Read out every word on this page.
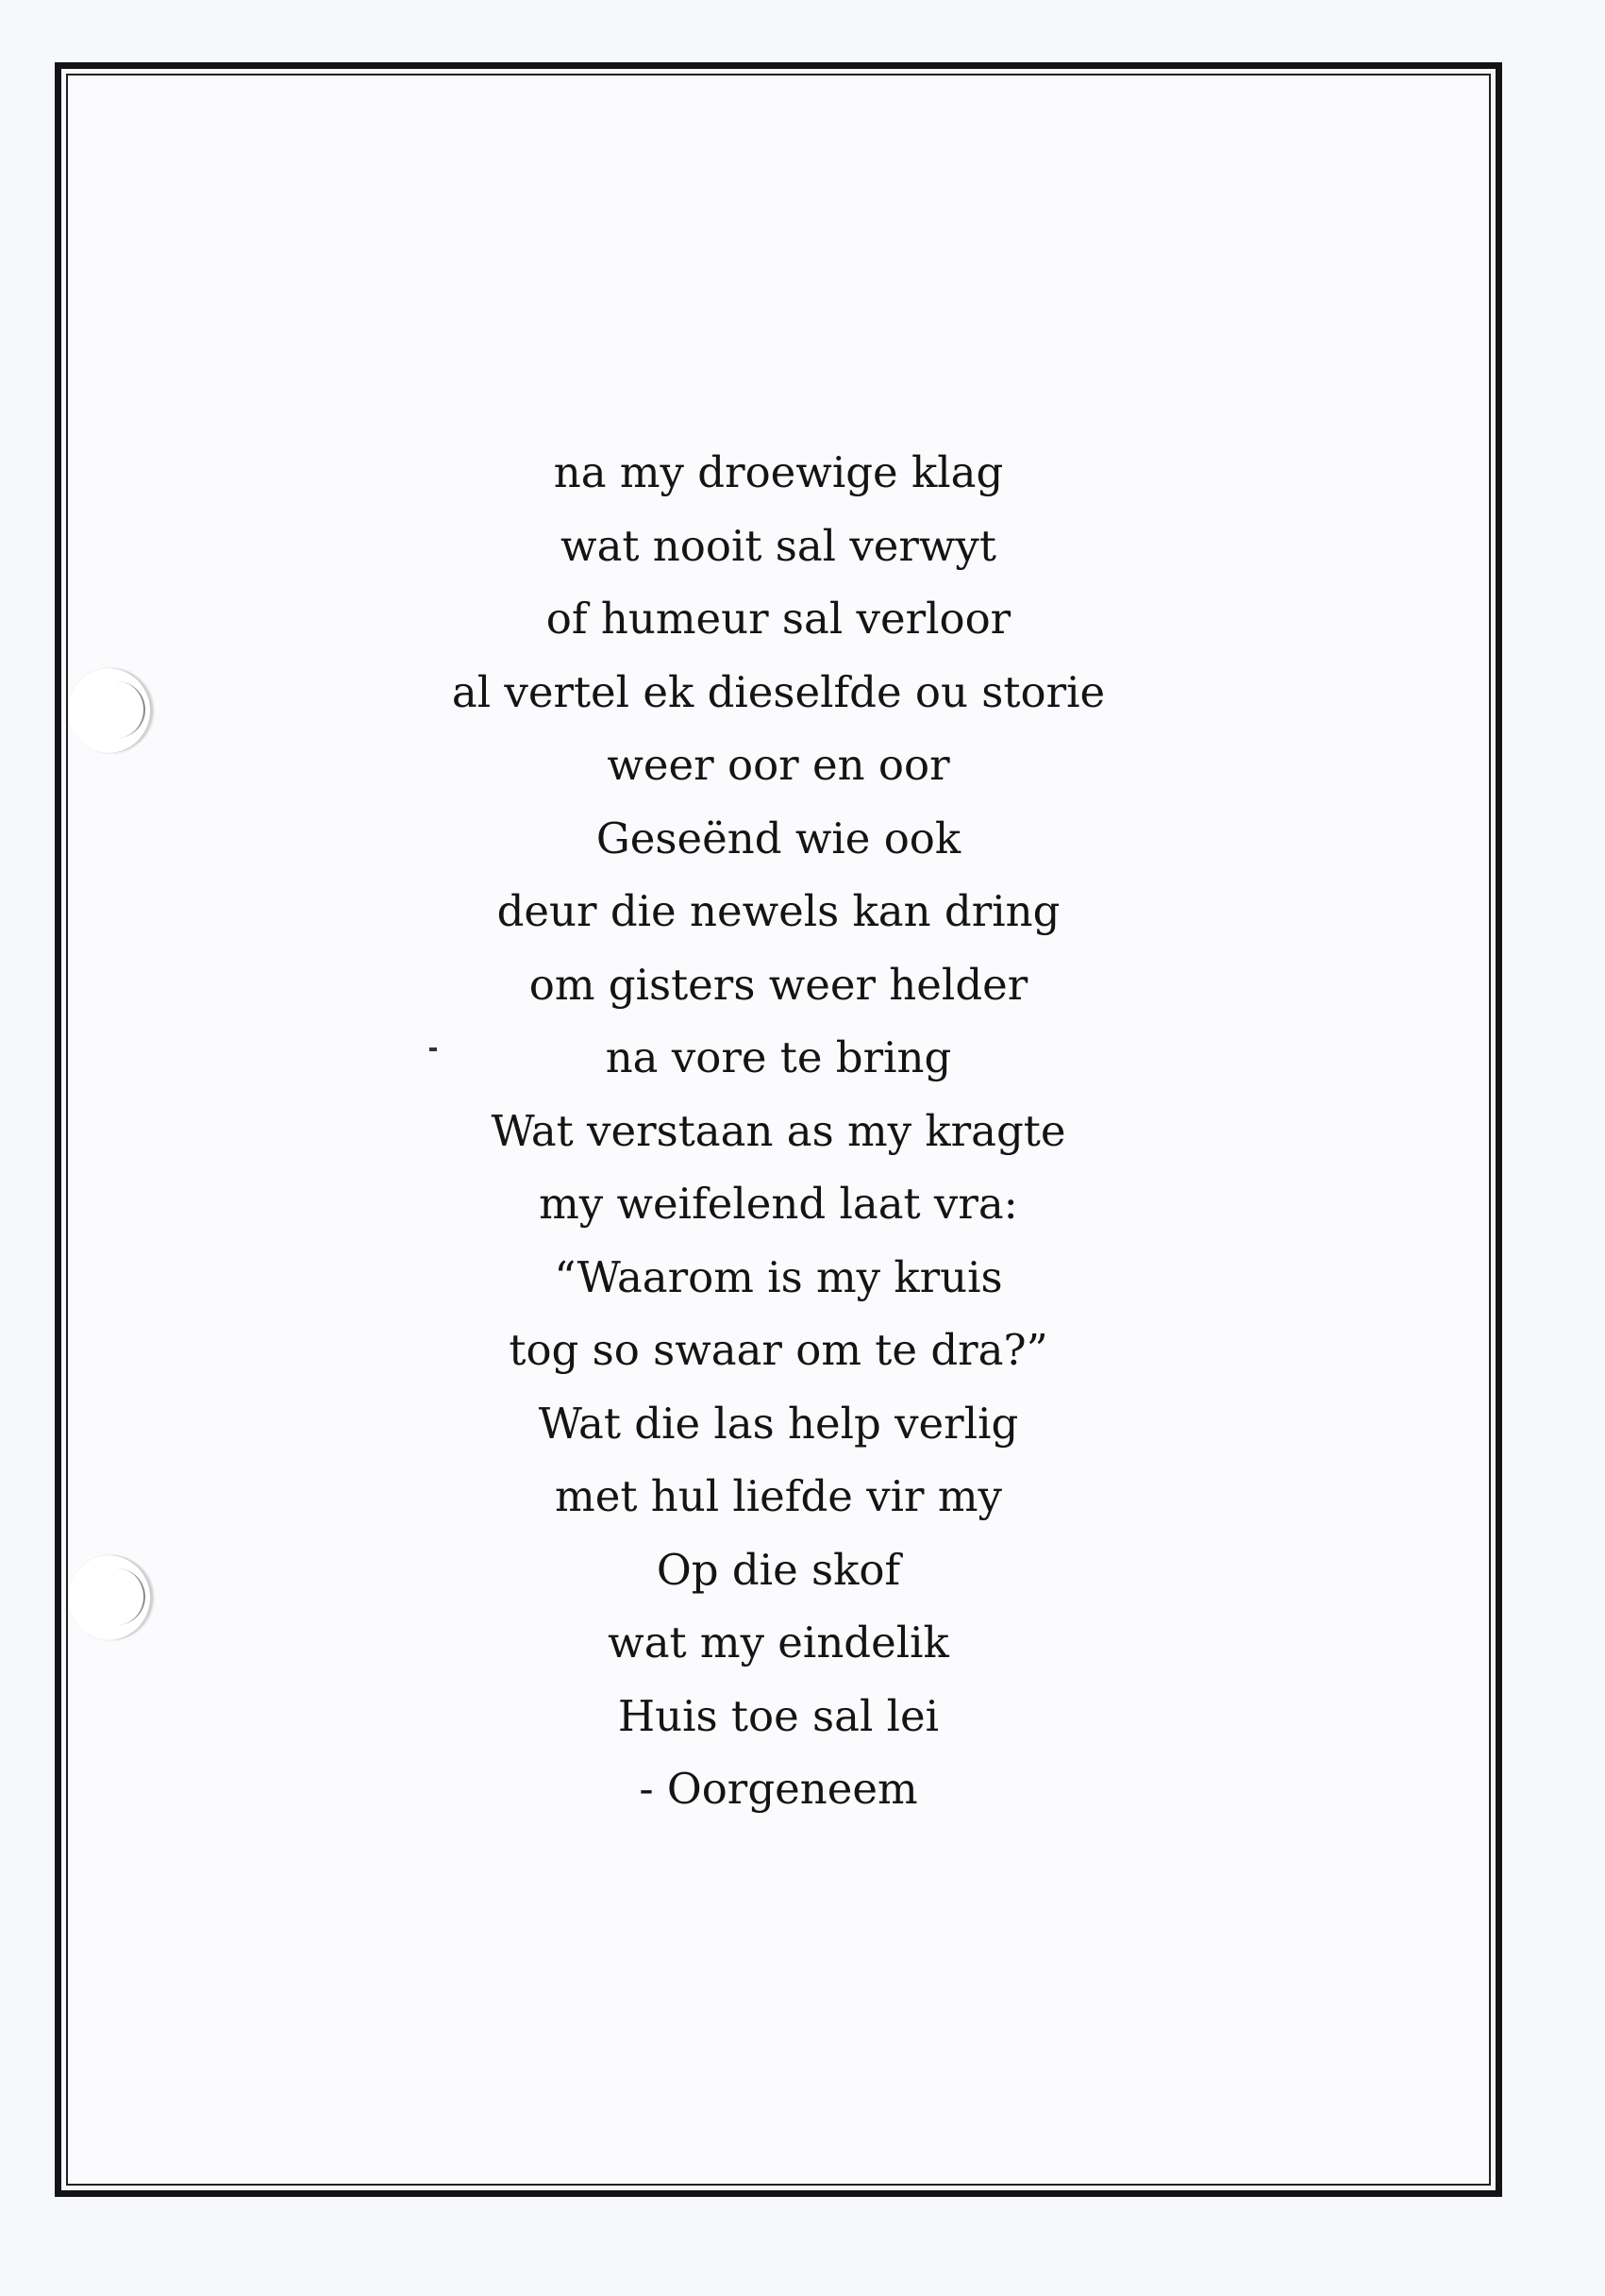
na my droewige klag
wat nooit sal verwyt
of humeur sal verloor
al vertel ek dieselfde ou storie
weer oor en oor
Geseënd wie ook
deur die newels kan dring
om gisters weer helder
na vore te bring
Wat verstaan as my kragte
my weifelend laat vra:
“Waarom is my kruis
tog so swaar om te dra?”
Wat die las help verlig
met hul liefde vir my
Op die skof
wat my eindelik
Huis toe sal lei
- Oorgeneem
